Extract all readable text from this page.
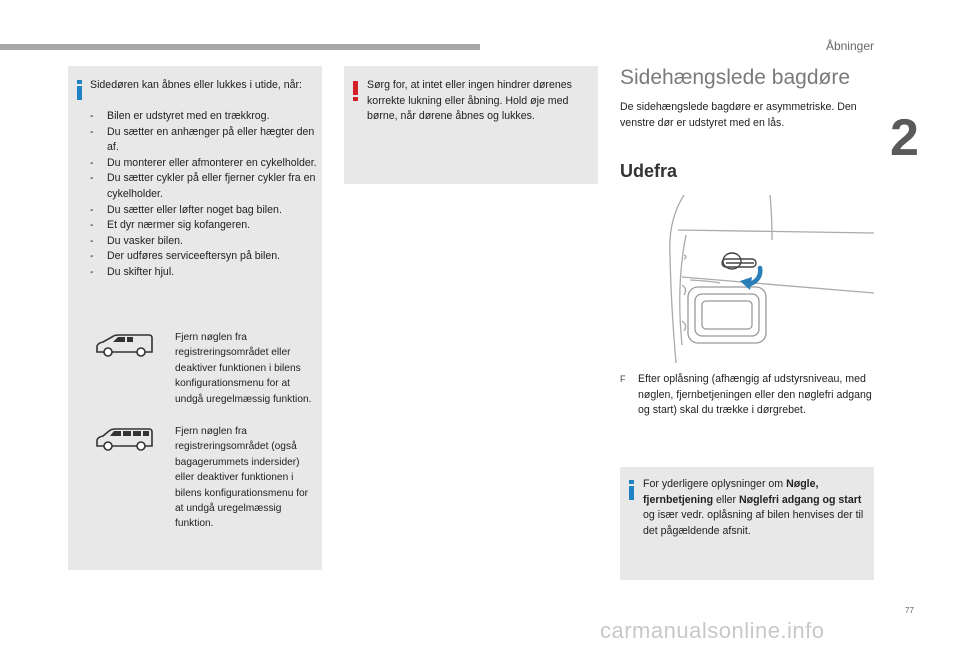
Åbninger
2

Sidedøren kan åbnes eller lukkes i utide, når:

- Bilen er udstyret med en trækkrog.
- Du sætter en anhænger på eller hægter den af.
- Du monterer eller afmonterer en cykelholder.
- Du sætter cykler på eller fjerner cykler fra en cykelholder.
- Du sætter eller løfter noget bag bilen.
- Et dyr nærmer sig kofangeren.
- Du vasker bilen.
- Der udføres serviceeftersyn på bilen.
- Du skifter hjul.

Fjern nøglen fra registreringsområdet eller deaktiver funktionen i bilens konfigurationsmenu for at undgå uregelmæssig funktion.

Fjern nøglen fra registreringsområdet (også bagagerummets indersider) eller deaktiver funktionen i bilens konfigurationsmenu for at undgå uregelmæssig funktion.

Sørg for, at intet eller ingen hindrer dørenes korrekte lukning eller åbning. Hold øje med børne, når dørene åbnes og lukkes.

Sidehængslede bagdøre

De sidehængslede bagdøre er asymmetriske. Den venstre dør er udstyret med en lås.

Udefra
F Efter oplåsning (afhængig af udstyrsniveau, med nøglen, fjernbetjeningen eller den nøglefri adgang og start) skal du trække i dørgrebet.

For yderligere oplysninger om Nøgle, fjernbetjening eller Nøglefri adgang og start og især vedr. oplåsning af bilen henvises der til det pågældende afsnit.

77
carmanualsonline.info
